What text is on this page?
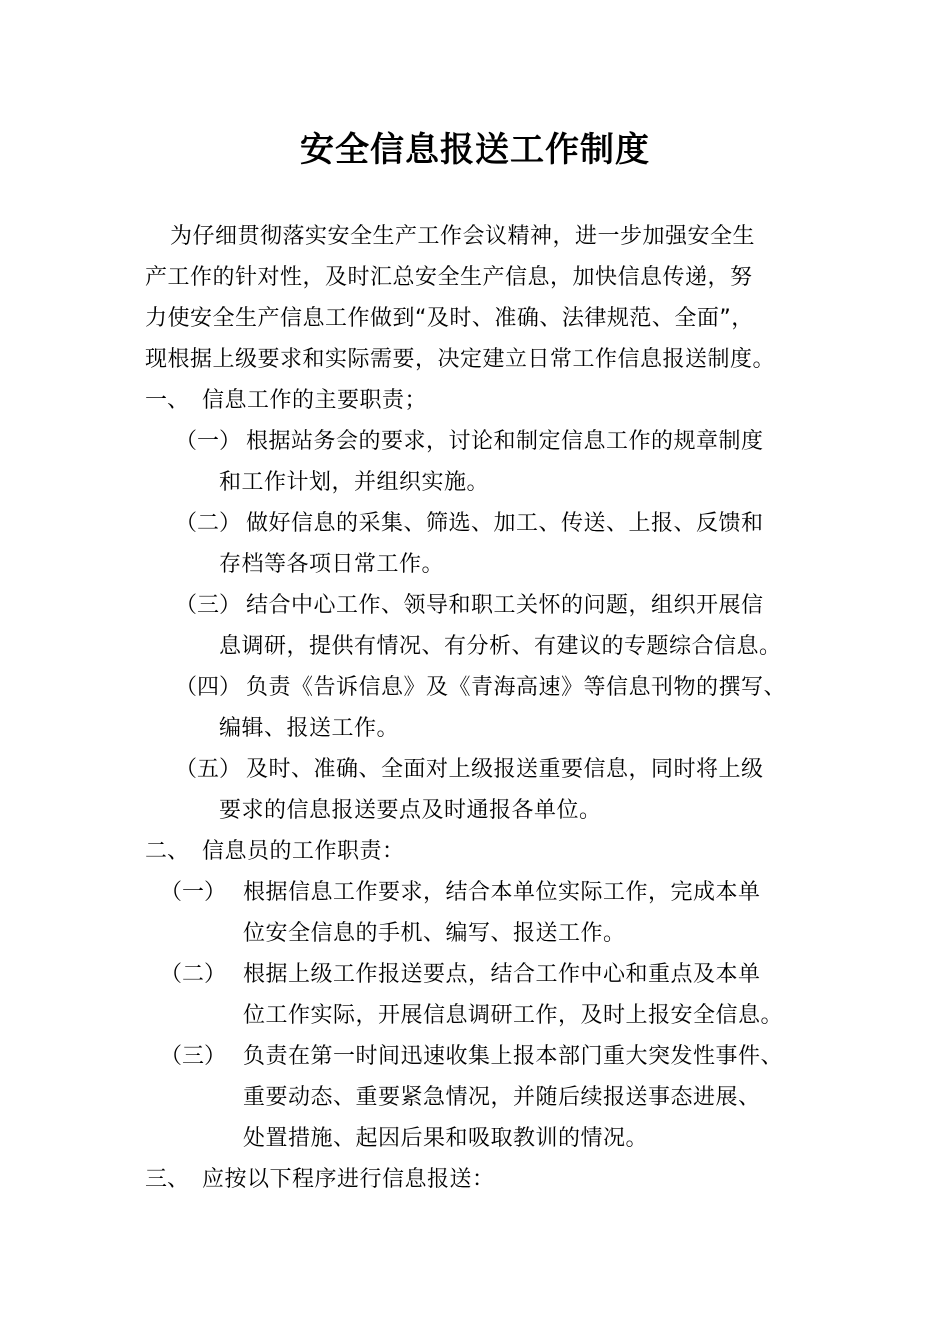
安全信息报送工作制度
为仔细贯彻落实安全生产工作会议精神，进一步加强安全生
产工作的针对性，及时汇总安全生产信息，加快信息传递，努
力使安全生产信息工作做到“及时、准确、法律规范、全面”，
现根据上级要求和实际需要，决定建立日常工作信息报送制度。
一、 信息工作的主要职责；
（一） 根据站务会的要求，讨论和制定信息工作的规章制度
和工作计划，并组织实施。
（二） 做好信息的采集、筛选、加工、传送、上报、反馈和
存档等各项日常工作。
（三） 结合中心工作、领导和职工关怀的问题，组织开展信
息调研，提供有情况、有分析、有建议的专题综合信息。
（四） 负责《告诉信息》及《青海高速》等信息刊物的撰写、
编辑、报送工作。
（五） 及时、准确、全面对上级报送重要信息，同时将上级
要求的信息报送要点及时通报各单位。
二、 信息员的工作职责：
（一） 根据信息工作要求，结合本单位实际工作，完成本单
位安全信息的手机、编写、报送工作。
（二） 根据上级工作报送要点，结合工作中心和重点及本单
位工作实际，开展信息调研工作，及时上报安全信息。
（三） 负责在第一时间迅速收集上报本部门重大突发性事件、
重要动态、重要紧急情况，并随后续报送事态进展、
处置措施、起因后果和吸取教训的情况。
三、 应按以下程序进行信息报送：
